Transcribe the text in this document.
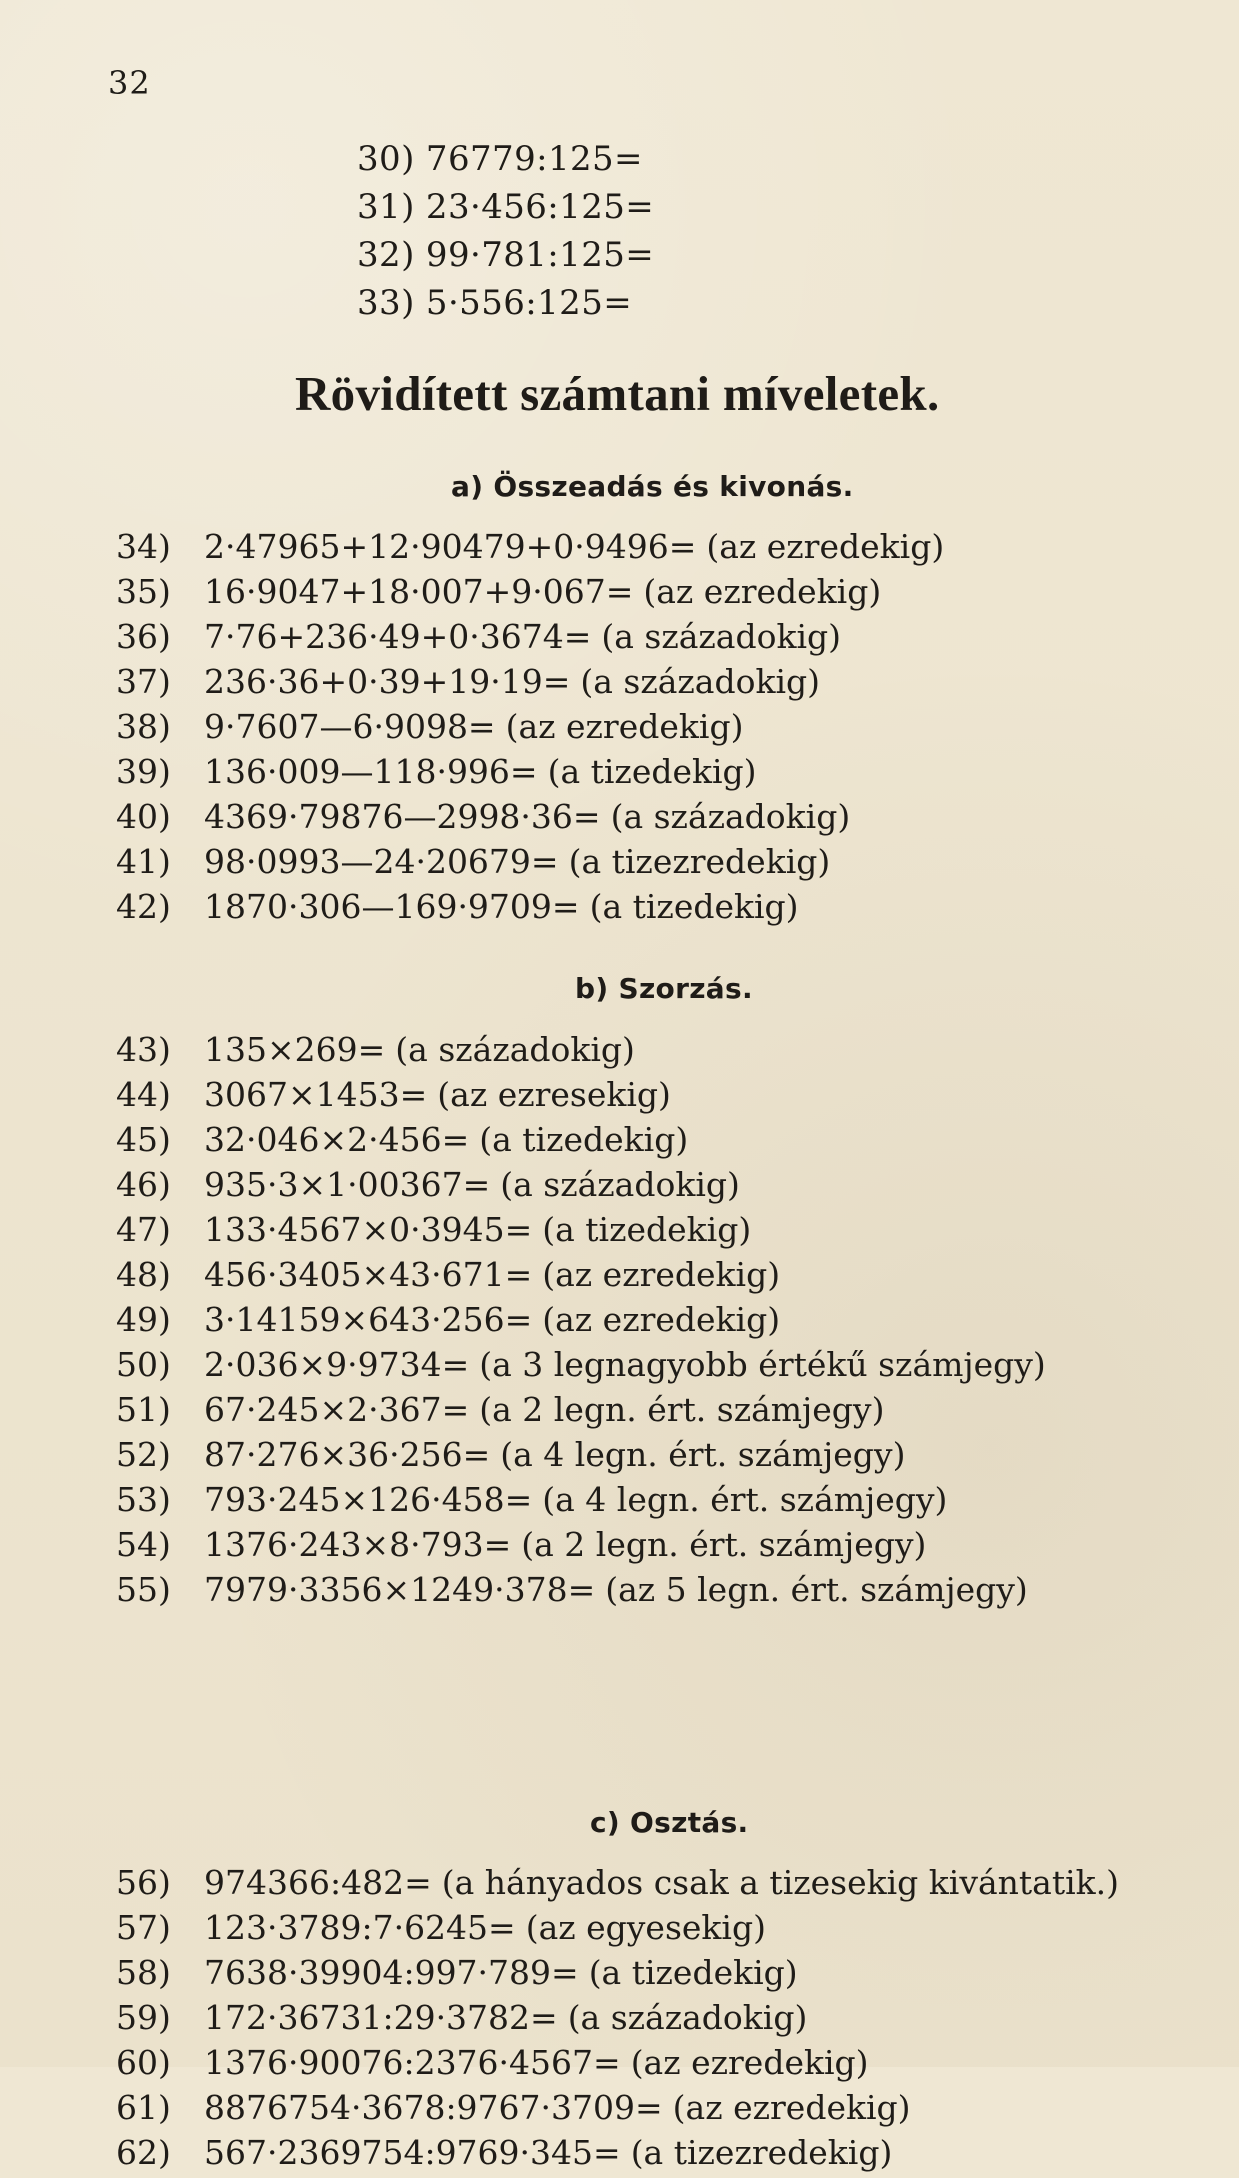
32
30) 76779:125=
31) 23·456:125=
32) 99·781:125=
33) 5·556:125=
Rövidített számtani míveletek.
a) Összeadás és kivonás.
34)	2·47965+12·90479+0·9496= (az ezredekig)
35)	16·9047+18·007+9·067= (az ezredekig)
36)	7·76+236·49+0·3674= (a századokig)
37)	236·36+0·39+19·19= (a századokig)
38)	9·7607—6·9098= (az ezredekig)
39)	136·009—118·996= (a tizedekig)
40)	4369·79876—2998·36= (a századokig)
41)	98·0993—24·20679= (a tizezredekig)
42)	1870·306—169·9709= (a tizedekig)
b) Szorzás.
43)	135×269= (a századokig)
44)	3067×1453= (az ezresekig)
45)	32·046×2·456= (a tizedekig)
46)	935·3×1·00367= (a századokig)
47)	133·4567×0·3945= (a tizedekig)
48)	456·3405×43·671= (az ezredekig)
49)	3·14159×643·256= (az ezredekig)
50)	2·036×9·9734= (a 3 legnagyobb értékű számjegy)
51)	67·245×2·367= (a 2 legn. ért. számjegy)
52)	87·276×36·256= (a 4 legn. ért. számjegy)
53)	793·245×126·458= (a 4 legn. ért. számjegy)
54)	1376·243×8·793= (a 2 legn. ért. számjegy)
55)	7979·3356×1249·378= (az 5 legn. ért. számjegy)
c) Osztás.
56)	974366:482= (a hányados csak a tizesekig kivántatik.)
57)	123·3789:7·6245= (az egyesekig)
58)	7638·39904:997·789= (a tizedekig)
59)	172·36731:29·3782= (a századokig)
60)	1376·90076:2376·4567= (az ezredekig)
61)	8876754·3678:9767·3709= (az ezredekig)
62)	567·2369754:9769·345= (a tizezredekig)
